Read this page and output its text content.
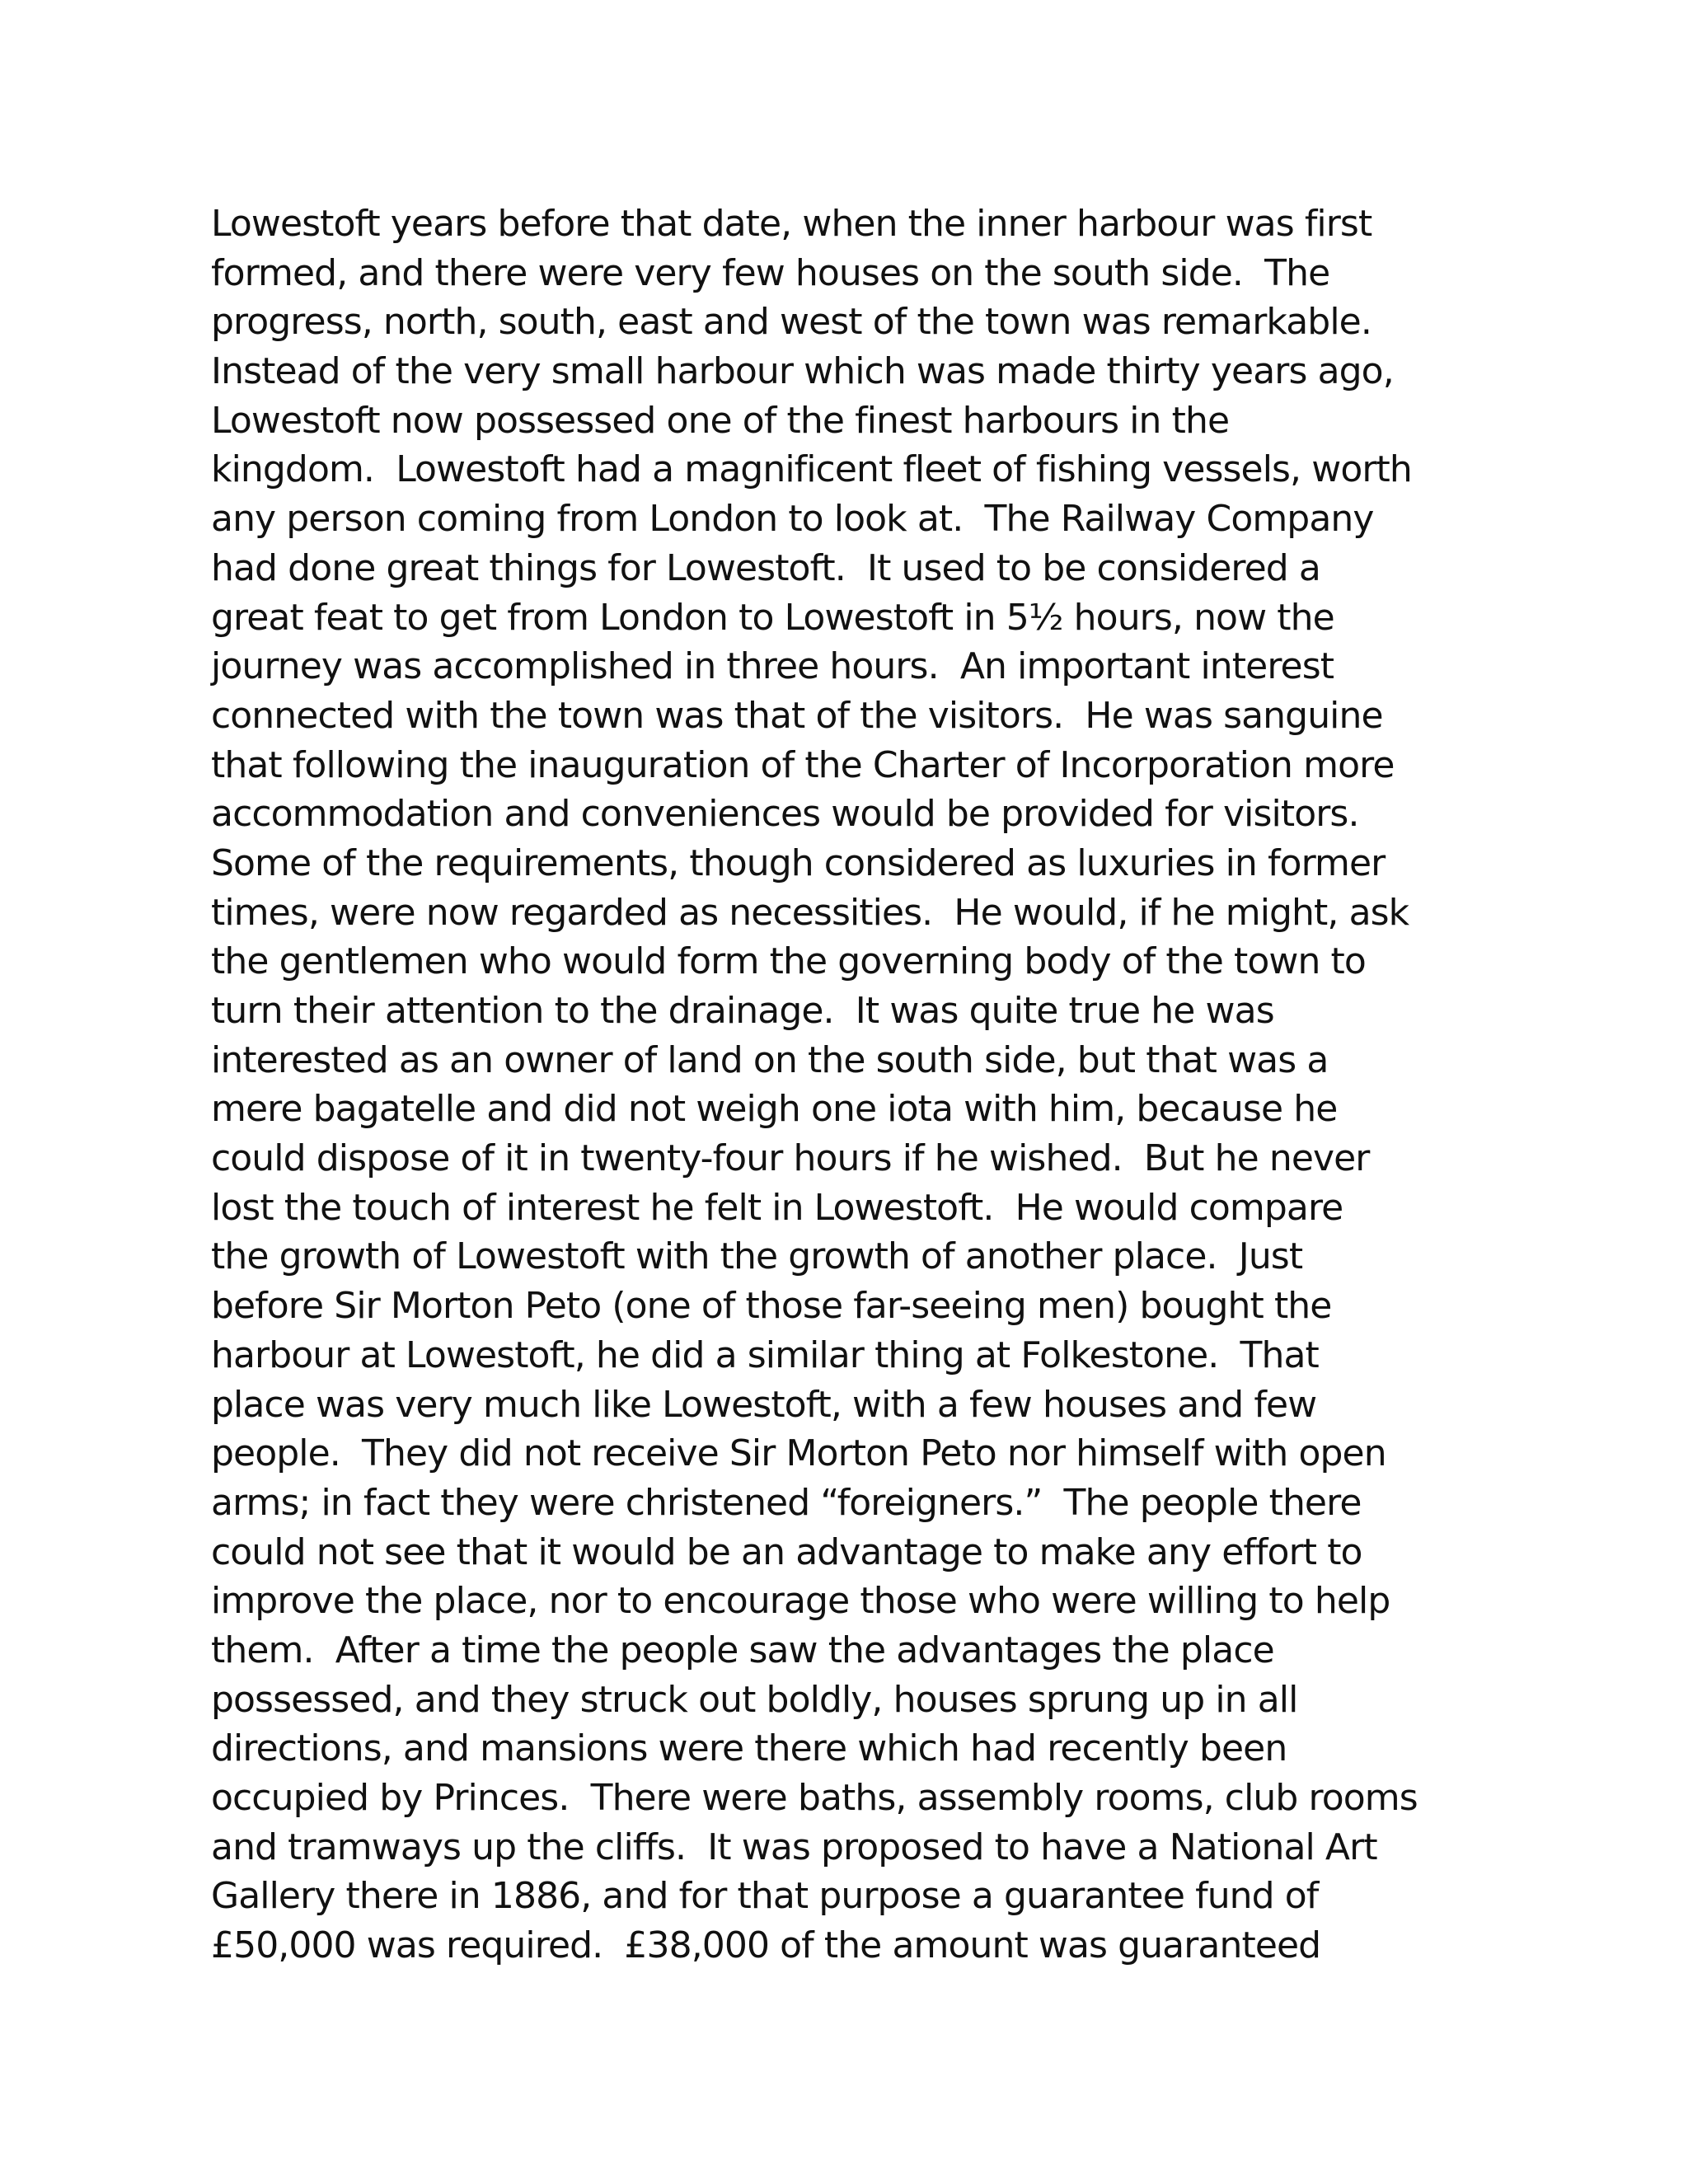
Lowestoft years before that date, when the inner harbour was first
formed, and there were very few houses on the south side.  The
progress, north, south, east and west of the town was remarkable.
Instead of the very small harbour which was made thirty years ago,
Lowestoft now possessed one of the finest harbours in the
kingdom.  Lowestoft had a magnificent fleet of fishing vessels, worth
any person coming from London to look at.  The Railway Company
had done great things for Lowestoft.  It used to be considered a
great feat to get from London to Lowestoft in 5½ hours, now the
journey was accomplished in three hours.  An important interest
connected with the town was that of the visitors.  He was sanguine
that following the inauguration of the Charter of Incorporation more
accommodation and conveniences would be provided for visitors.
Some of the requirements, though considered as luxuries in former
times, were now regarded as necessities.  He would, if he might, ask
the gentlemen who would form the governing body of the town to
turn their attention to the drainage.  It was quite true he was
interested as an owner of land on the south side, but that was a
mere bagatelle and did not weigh one iota with him, because he
could dispose of it in twenty-four hours if he wished.  But he never
lost the touch of interest he felt in Lowestoft.  He would compare
the growth of Lowestoft with the growth of another place.  Just
before Sir Morton Peto (one of those far-seeing men) bought the
harbour at Lowestoft, he did a similar thing at Folkestone.  That
place was very much like Lowestoft, with a few houses and few
people.  They did not receive Sir Morton Peto nor himself with open
arms; in fact they were christened “foreigners.”  The people there
could not see that it would be an advantage to make any effort to
improve the place, nor to encourage those who were willing to help
them.  After a time the people saw the advantages the place
possessed, and they struck out boldly, houses sprung up in all
directions, and mansions were there which had recently been
occupied by Princes.  There were baths, assembly rooms, club rooms
and tramways up the cliffs.  It was proposed to have a National Art
Gallery there in 1886, and for that purpose a guarantee fund of
£50,000 was required.  £38,000 of the amount was guaranteed
